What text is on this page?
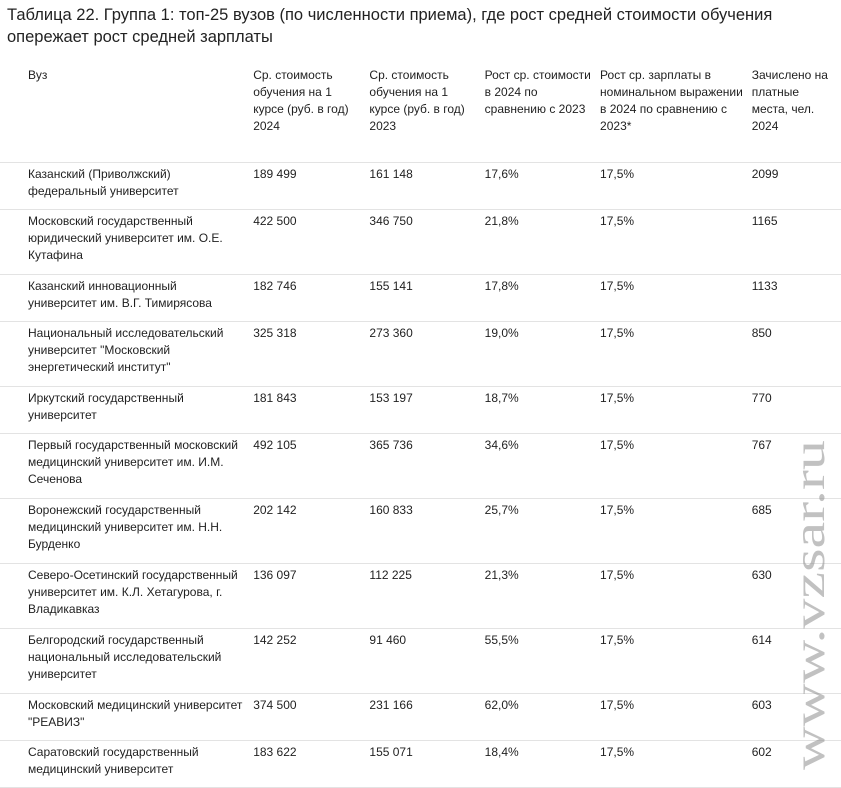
Таблица 22. Группа 1: топ-25 вузов (по численности приема), где рост средней стоимости обучения опережает рост средней зарплаты
Вуз	Ср. стоимость обучения на 1 курсе (руб. в год) 2024	Ср. стоимость обучения на 1 курсе (руб. в год) 2023	Рост ср. стоимости в 2024 по сравнению с 2023	Рост ср. зарплаты в номинальном выражении в 2024 по сравнению с 2023*	Зачислено на платные места, чел. 2024

Казанский (Приволжский) федеральный университет	189 499	161 148	17,6%	17,5%	2099

Московский государственный юридический университет им. О.Е. Кутафина	422 500	346 750	21,8%	17,5%	1165

Казанский инновационный университет им. В.Г. Тимирясова	182 746	155 141	17,8%	17,5%	1133

Национальный исследовательский университет "Московский энергетический институт"	325 318	273 360	19,0%	17,5%	850

Иркутский государственный университет	181 843	153 197	18,7%	17,5%	770

Первый государственный московский медицинский университет им. И.М. Сеченова	492 105	365 736	34,6%	17,5%	767

Воронежский государственный медицинский университет им. Н.Н. Бурденко	202 142	160 833	25,7%	17,5%	685

Северо-Осетинский государственный университет им. К.Л. Хетагурова, г. Владикавказ	136 097	112 225	21,3%	17,5%	630

Белгородский государственный национальный исследовательский университет	142 252	91 460	55,5%	17,5%	614

Московский медицинский университет "РЕАВИЗ"	374 500	231 166	62,0%	17,5%	603

Саратовский государственный медицинский университет	183 622	155 071	18,4%	17,5%	602 www.vzsar.ru
